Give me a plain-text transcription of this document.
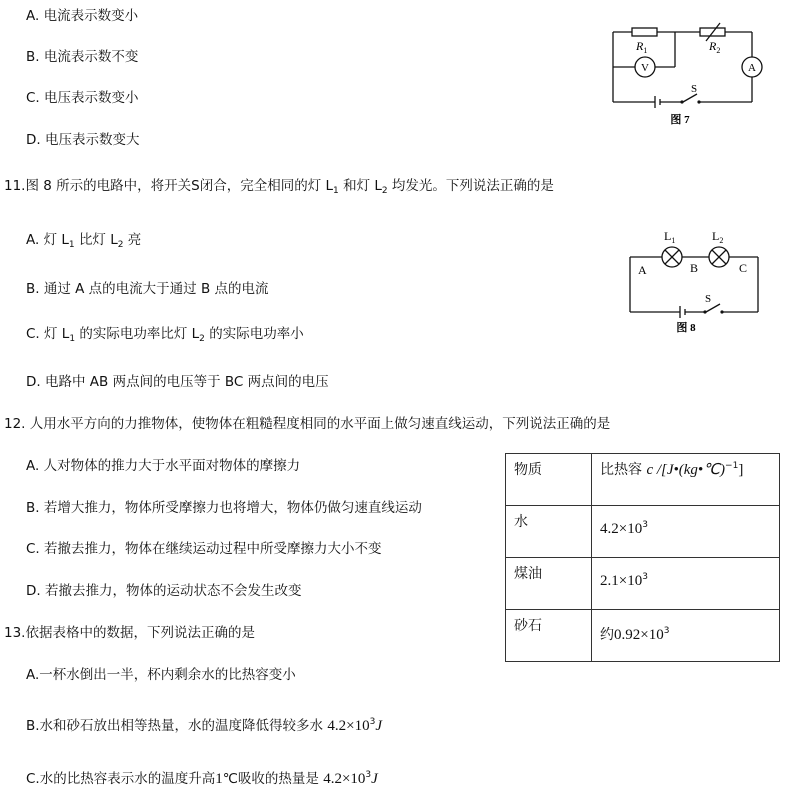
A. 电流表示数变小
B. 电流表示数不变
C. 电压表示数变小
D. 电压表示数变大
$R_1$	$R_2$
V	A
S
图 7
11.图 8 所示的电路中，将开关S闭合，完全相同的灯 $L_1$ 和灯 $L_2$ 均发光。下列说法正确的是
A. 灯 $L_1$ 比灯 $L_2$ 亮
B. 通过 A 点的电流大于通过 B 点的电流
C. 灯 $L_1$ 的实际电功率比灯 $L_2$ 的实际电功率小
D. 电路中 AB 两点间的电压等于 BC 两点间的电压
$L_1$	$L_2$
A	B	C
S
图 8
12. 人用水平方向的力推物体，使物体在粗糙程度相同的水平面上做匀速直线运动，下列说法正确的是
A. 人对物体的推力大于水平面对物体的摩擦力
B. 若增大推力，物体所受摩擦力也将增大，物体仍做匀速直线运动
C. 若撤去推力，物体在继续运动过程中所受摩擦力大小不变
D. 若撤去推力，物体的运动状态不会发生改变
物质	比热容 c /[J•(kg•℃)$^{-1}$]
水	$4.2\times 10^3$
煤油	$2.1\times 10^3$
砂石	约$0.92\times 10^3$
13.依据表格中的数据，下列说法正确的是
A.一杯水倒出一半，杯内剩余水的比热容变小
B.水和砂石放出相等热量，水的温度降低得较多水 $4.2\times 10^3J$
C.水的比热容表示水的温度升高1℃吸收的热量是 $4.2\times 10^3J$
